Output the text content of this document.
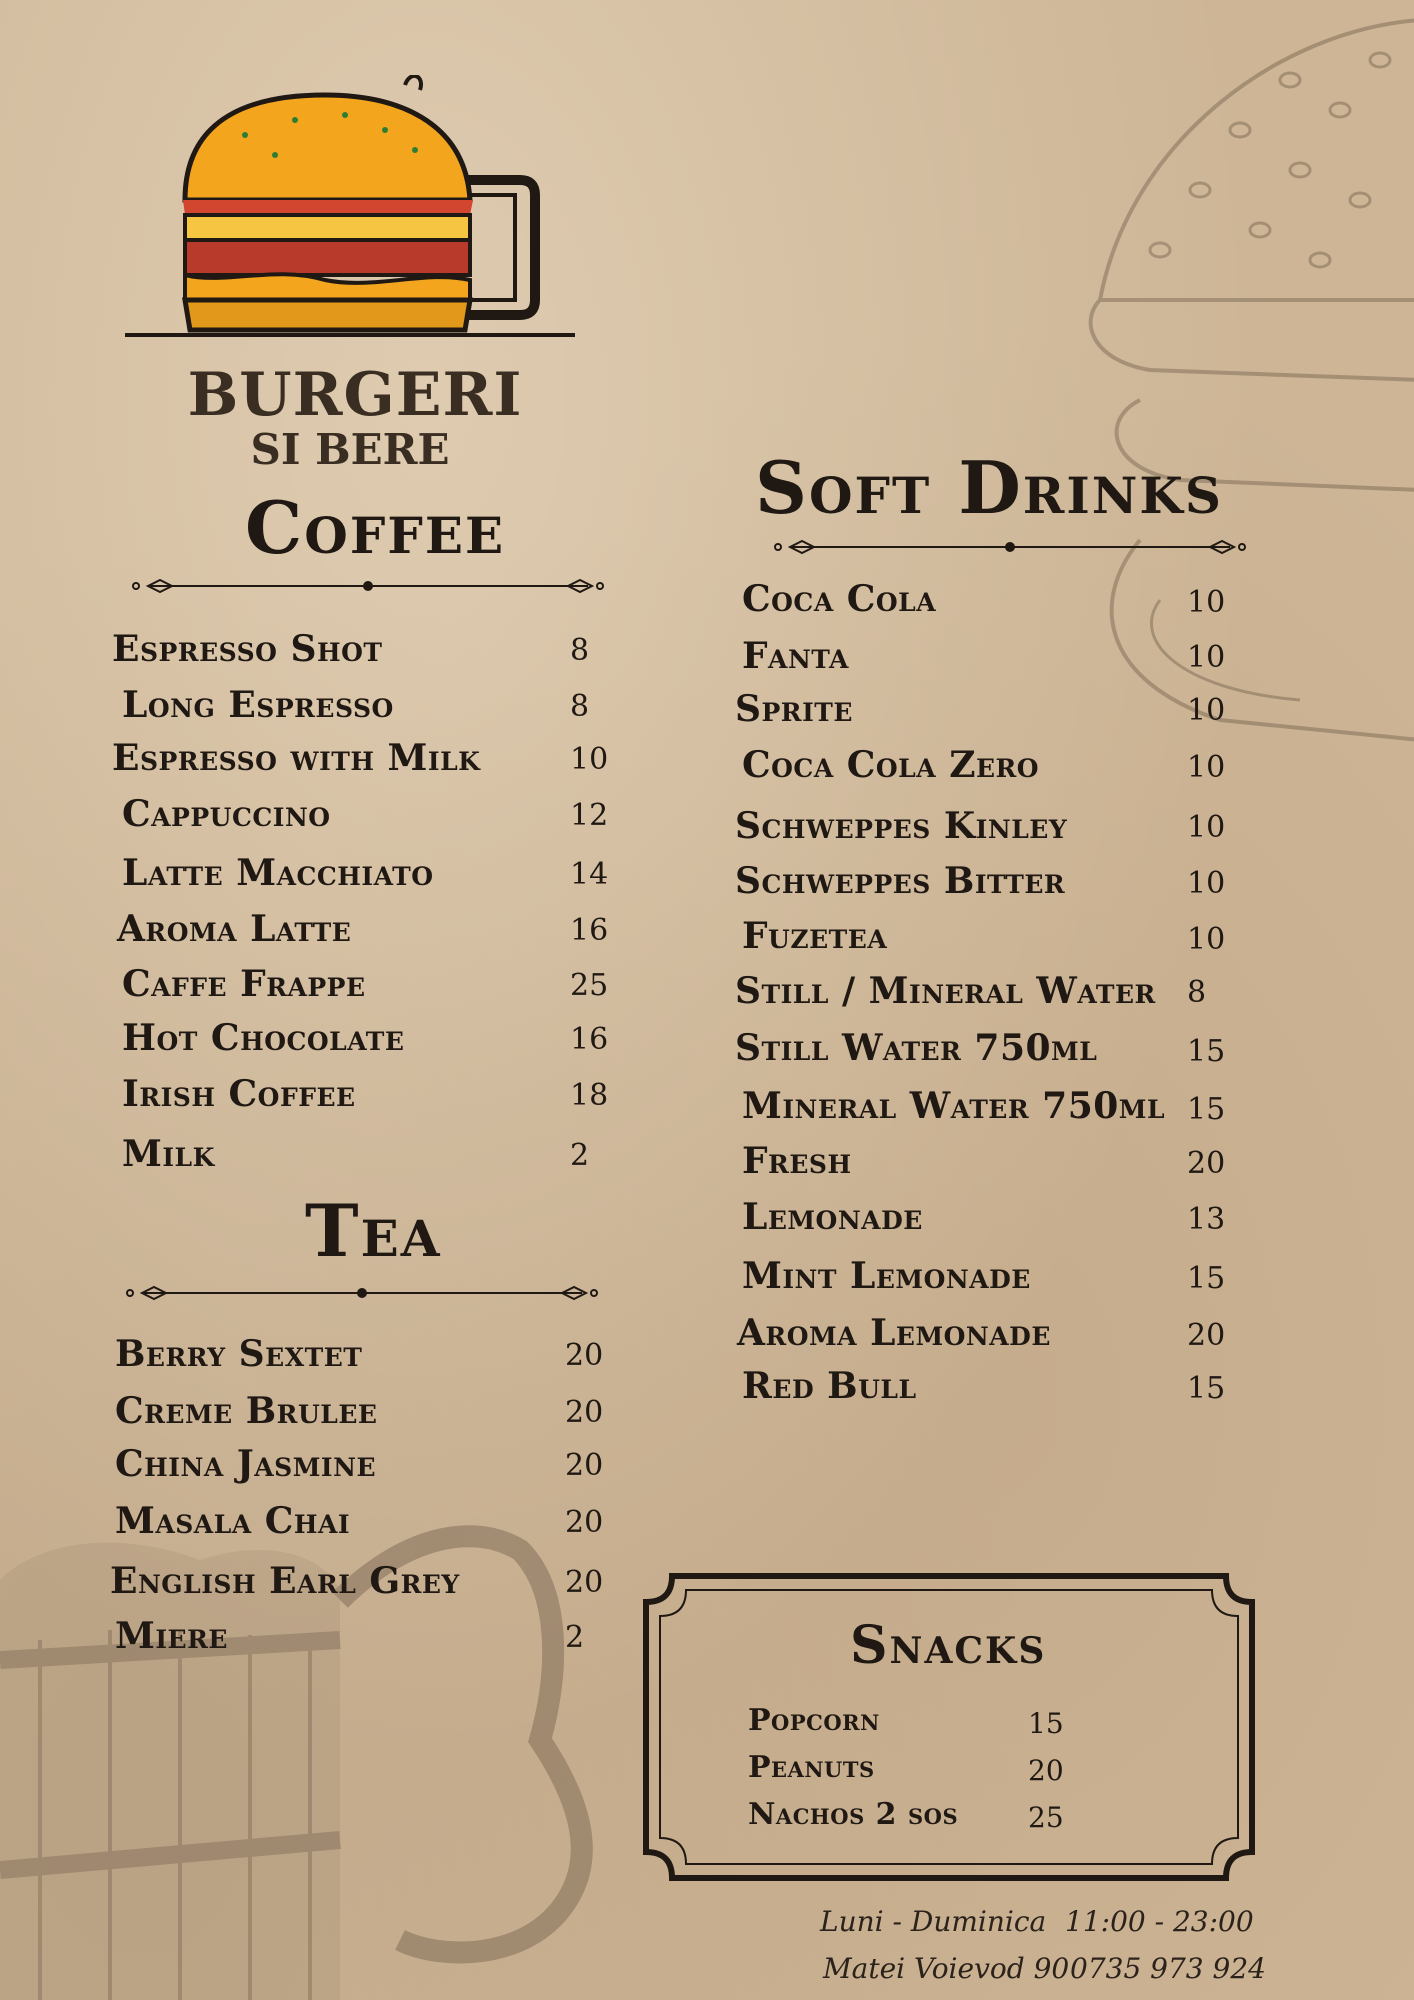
BURGERI
SI BERE
Coffee
Espresso Shot	8
Long Espresso	8
Espresso with Milk	10
Cappuccino	12
Latte Macchiato	14
Aroma Latte	16
Caffe Frappe	25
Hot Chocolate	16
Irish Coffee	18
Milk	2
Tea
Berry Sextet	20
Creme Brulee	20
China Jasmine	20
Masala Chai	20
English Earl Grey	20
Miere	2
Soft Drinks
Coca Cola	10
Fanta	10
Sprite	10
Coca Cola Zero	10
Schweppes Kinley	10
Schweppes Bitter	10
Fuzetea	10
Still / Mineral Water 8
Still Water 750ml	15
Mineral Water 750ml 15
Fresh	20
Lemonade	13
Mint Lemonade	15
Aroma Lemonade	20
Red Bull	15
Snacks
Popcorn	15
Peanuts	20
Nachos 2 sos 25
Luni - Duminica 11:00 - 23:00
Matei Voievod 90 0735 973 924
